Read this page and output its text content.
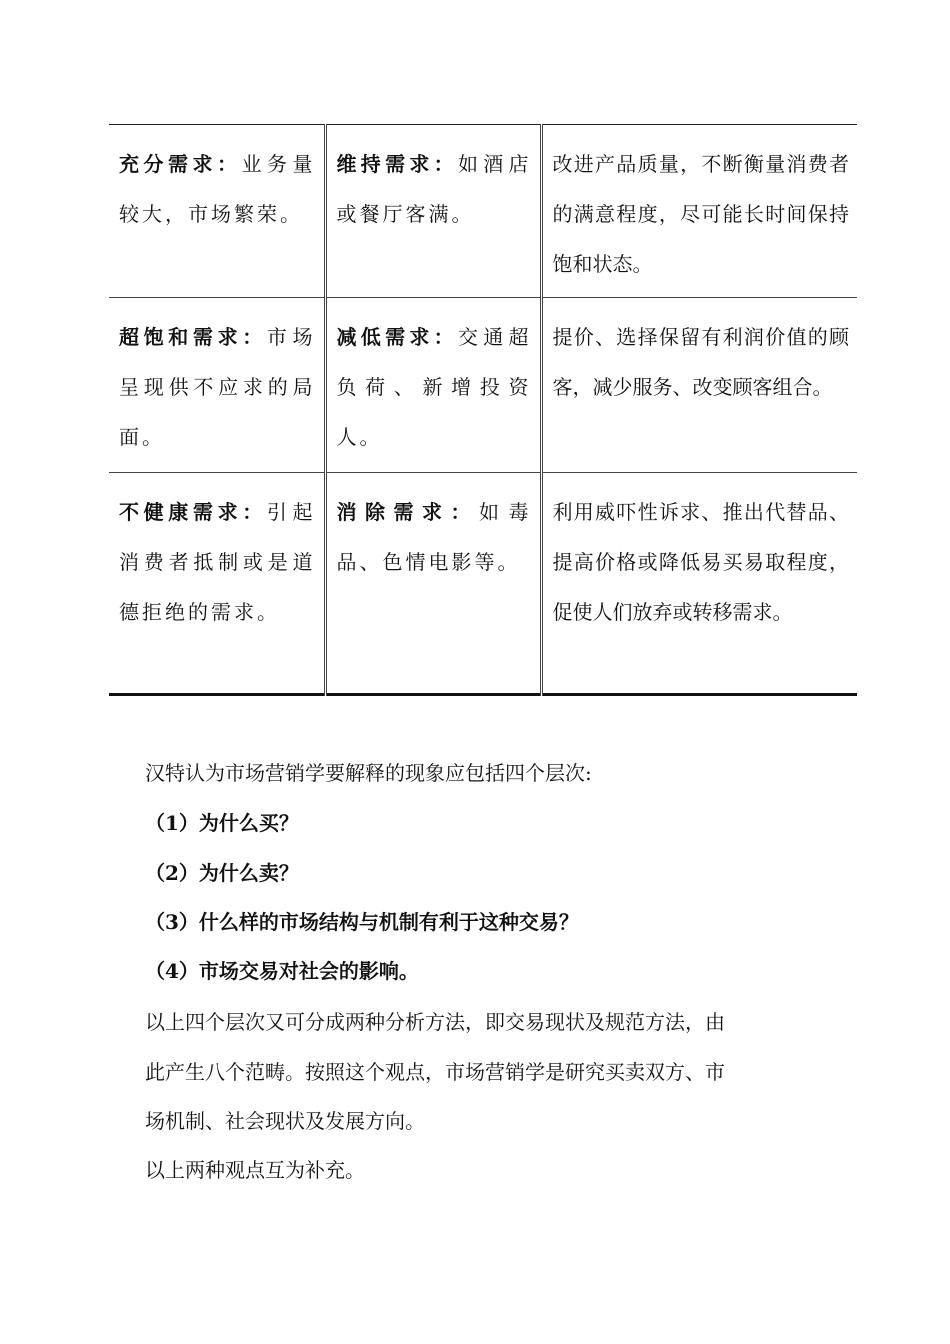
充分需求：业务量较大，市场繁荣。	维持需求：如酒店或餐厅客满。	改进产品质量，不断衡量消费者的满意程度，尽可能长时间保持饱和状态。

超饱和需求：市场呈现供不应求的局面。	减低需求：交通超负荷、新增投资人。	提价、选择保留有利润价值的顾客，减少服务、改变顾客组合。

不健康需求：引起消费者抵制或是道德拒绝的需求。	消除需求：如毒品、色情电影等。	利用威吓性诉求、推出代替品、提高价格或降低易买易取程度，促使人们放弃或转移需求。
汉特认为市场营销学要解释的现象应包括四个层次:
（1）为什么买？
（2）为什么卖？
（3）什么样的市场结构与机制有利于这种交易？
（4）市场交易对社会的影响。
以上四个层次又可分成两种分析方法，即交易现状及规范方法，由
此产生八个范畴。按照这个观点，市场营销学是研究买卖双方、市
场机制、社会现状及发展方向。
以上两种观点互为补充。
